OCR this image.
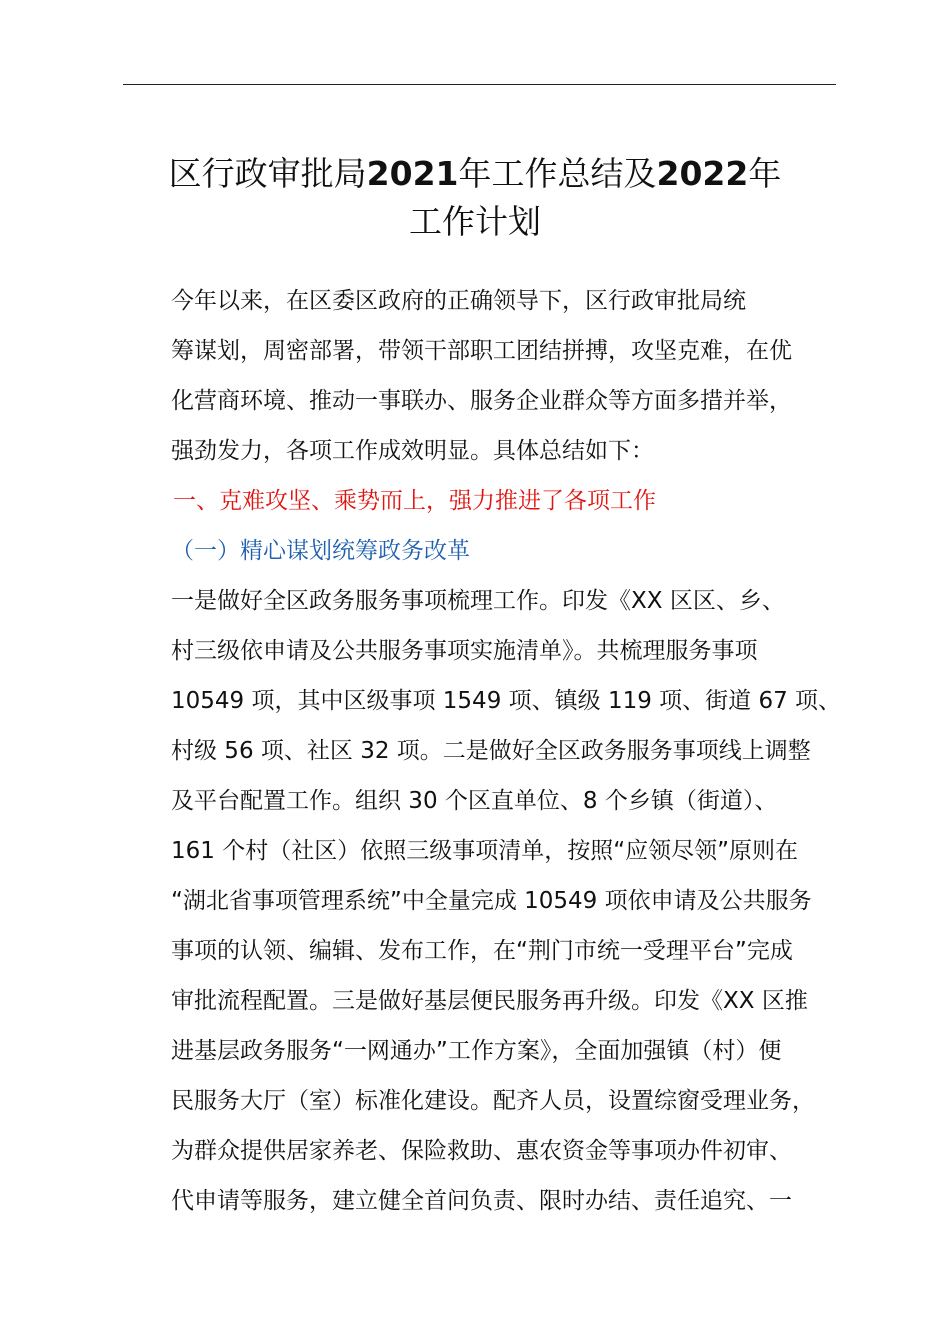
区行政审批局2021年工作总结及2022年
工作计划
今年以来，在区委区政府的正确领导下，区行政审批局统
筹谋划，周密部署，带领干部职工团结拼搏，攻坚克难，在优
化营商环境、推动一事联办、服务企业群众等方面多措并举，
强劲发力，各项工作成效明显。具体总结如下：
一、克难攻坚、乘势而上，强力推进了各项工作
（一）精心谋划统筹政务改革
一是做好全区政务服务事项梳理工作。印发《XX 区区、乡、
村三级依申请及公共服务事项实施清单》。共梳理服务事项
10549 项，其中区级事项 1549 项、镇级 119 项、街道 67 项、
村级 56 项、社区 32 项。二是做好全区政务服务事项线上调整
及平台配置工作。组织 30 个区直单位、8 个乡镇（街道）、
161 个村（社区）依照三级事项清单，按照“应领尽领”原则在
“湖北省事项管理系统”中全量完成 10549 项依申请及公共服务
事项的认领、编辑、发布工作，在“荆门市统一受理平台”完成
审批流程配置。三是做好基层便民服务再升级。印发《XX 区推
进基层政务服务“一网通办”工作方案》，全面加强镇（村）便
民服务大厅（室）标准化建设。配齐人员，设置综窗受理业务，
为群众提供居家养老、保险救助、惠农资金等事项办件初审、
代申请等服务，建立健全首问负责、限时办结、责任追究、一
